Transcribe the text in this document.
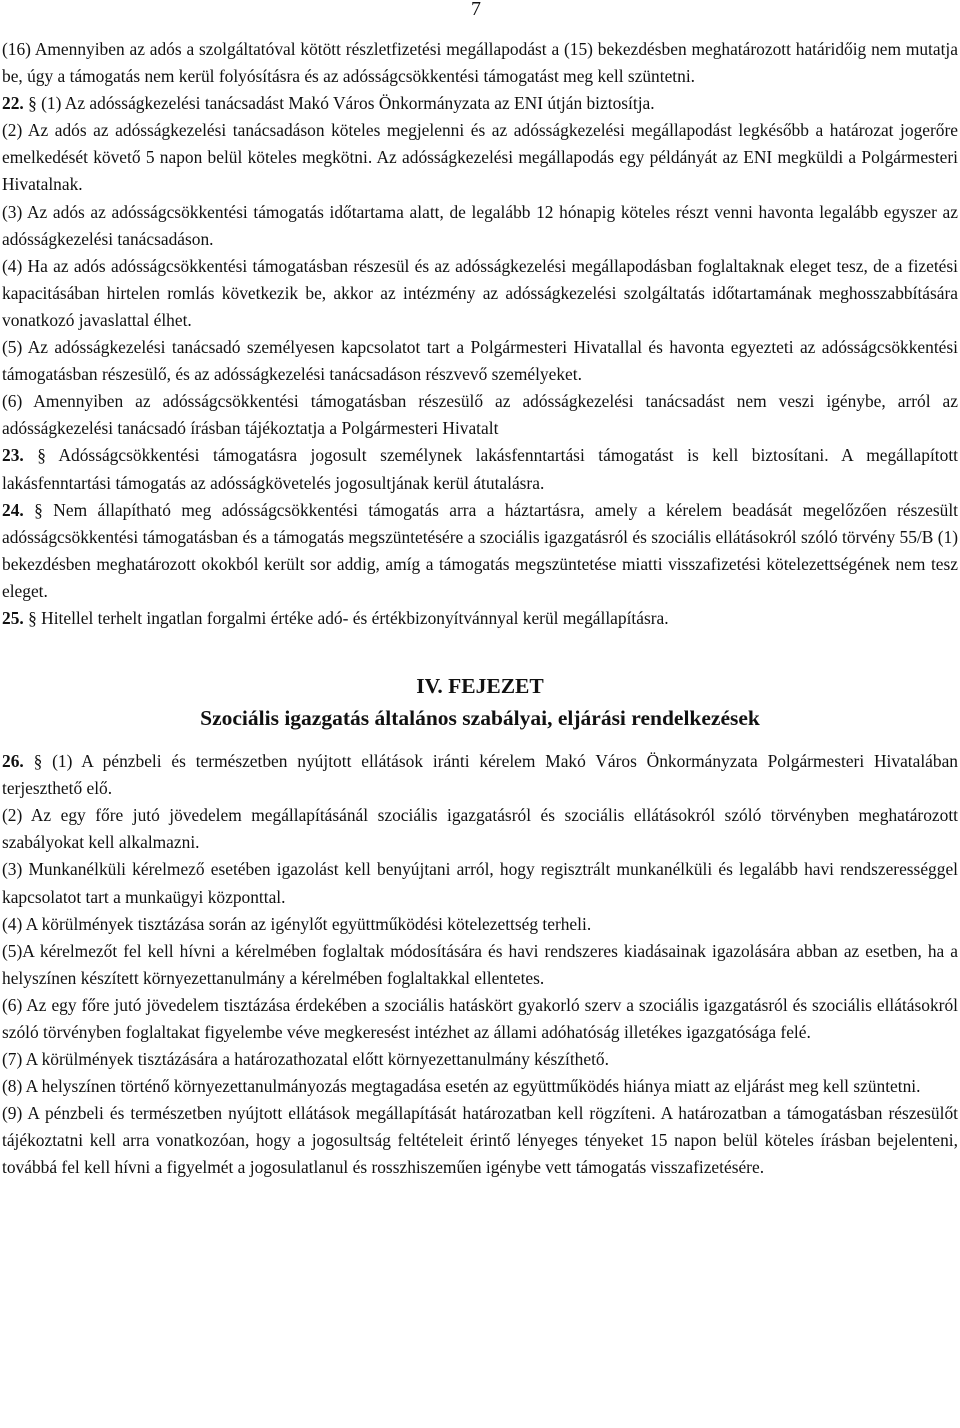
7

(16) Amennyiben az adós a szolgáltatóval kötött részletfizetési megállapodást a (15) bekezdésben meghatározott határidőig nem mutatja be, úgy a támogatás nem kerül folyósításra és az adósságcsökkentési támogatást meg kell szüntetni.

22. § (1) Az adósságkezelési tanácsadást Makó Város Önkormányzata az ENI útján biztosítja.

(2) Az adós az adósságkezelési tanácsadáson köteles megjelenni és az adósságkezelési megállapodást legkésőbb a határozat jogerőre emelkedését követő 5 napon belül köteles megkötni. Az adósságkezelési megállapodás egy példányát az ENI megküldi a Polgármesteri Hivatalnak.

(3) Az adós az adósságcsökkentési támogatás időtartama alatt, de legalább 12 hónapig köteles részt venni havonta legalább egyszer az adósságkezelési tanácsadáson.

(4) Ha az adós adósságcsökkentési támogatásban részesül és az adósságkezelési megállapodásban foglaltaknak eleget tesz, de a fizetési kapacitásában hirtelen romlás következik be, akkor az intézmény az adósságkezelési szolgáltatás időtartamának meghosszabbítására vonatkozó javaslattal élhet.

(5) Az adósságkezelési tanácsadó személyesen kapcsolatot tart a Polgármesteri Hivatallal és havonta egyezteti az adósságcsökkentési támogatásban részesülő, és az adósságkezelési tanácsadáson részvevő személyeket.

(6) Amennyiben az adósságcsökkentési támogatásban részesülő az adósságkezelési tanácsadást nem veszi igénybe, arról az adósságkezelési tanácsadó írásban tájékoztatja a Polgármesteri Hivatalt

23. § Adósságcsökkentési támogatásra jogosult személynek lakásfenntartási támogatást is kell biztosítani. A megállapított lakásfenntartási támogatás az adósságkövetelés jogosultjának kerül átutalásra.

24. § Nem állapítható meg adósságcsökkentési támogatás arra a háztartásra, amely a kérelem beadását megelőzően részesült adósságcsökkentési támogatásban és a támogatás megszüntetésére a szociális igazgatásról és szociális ellátásokról szóló törvény 55/B (1) bekezdésben meghatározott okokból került sor addig, amíg a támogatás megszüntetése miatti visszafizetési kötelezettségének nem tesz eleget.

25. § Hitellel terhelt ingatlan forgalmi értéke adó- és értékbizonyítvánnyal kerül megállapításra.

IV. FEJEZET
Szociális igazgatás általános szabályai, eljárási rendelkezések

26. § (1) A pénzbeli és természetben nyújtott ellátások iránti kérelem Makó Város Önkormányzata Polgármesteri Hivatalában terjeszthető elő.

(2) Az egy főre jutó jövedelem megállapításánál szociális igazgatásról és szociális ellátásokról szóló törvényben meghatározott szabályokat kell alkalmazni.

(3) Munkanélküli kérelmező esetében igazolást kell benyújtani arról, hogy regisztrált munkanélküli és legalább havi rendszerességgel kapcsolatot tart a munkaügyi központtal.

(4) A körülmények tisztázása során az igénylőt együttműködési kötelezettség terheli.

(5)A kérelmezőt fel kell hívni a kérelmében foglaltak módosítására és havi rendszeres kiadásainak igazolására abban az esetben, ha a helyszínen készített környezettanulmány a kérelmében foglaltakkal ellentetes.

(6) Az egy főre jutó jövedelem tisztázása érdekében a szociális hatáskört gyakorló szerv a szociális igazgatásról és szociális ellátásokról szóló törvényben foglaltakat figyelembe véve megkeresést intézhet az állami adóhatóság illetékes igazgatósága felé.

(7) A körülmények tisztázására a határozathozatal előtt környezettanulmány készíthető.

(8) A helyszínen történő környezettanulmányozás megtagadása esetén az együttműködés hiánya miatt az eljárást meg kell szüntetni.

(9) A pénzbeli és természetben nyújtott ellátások megállapítását határozatban kell rögzíteni. A határozatban a támogatásban részesülőt tájékoztatni kell arra vonatkozóan, hogy a jogosultság feltételeit érintő lényeges tényeket 15 napon belül köteles írásban bejelenteni, továbbá fel kell hívni a figyelmét a jogosulatlanul és rosszhiszeműen igénybe vett támogatás visszafizetésére.
